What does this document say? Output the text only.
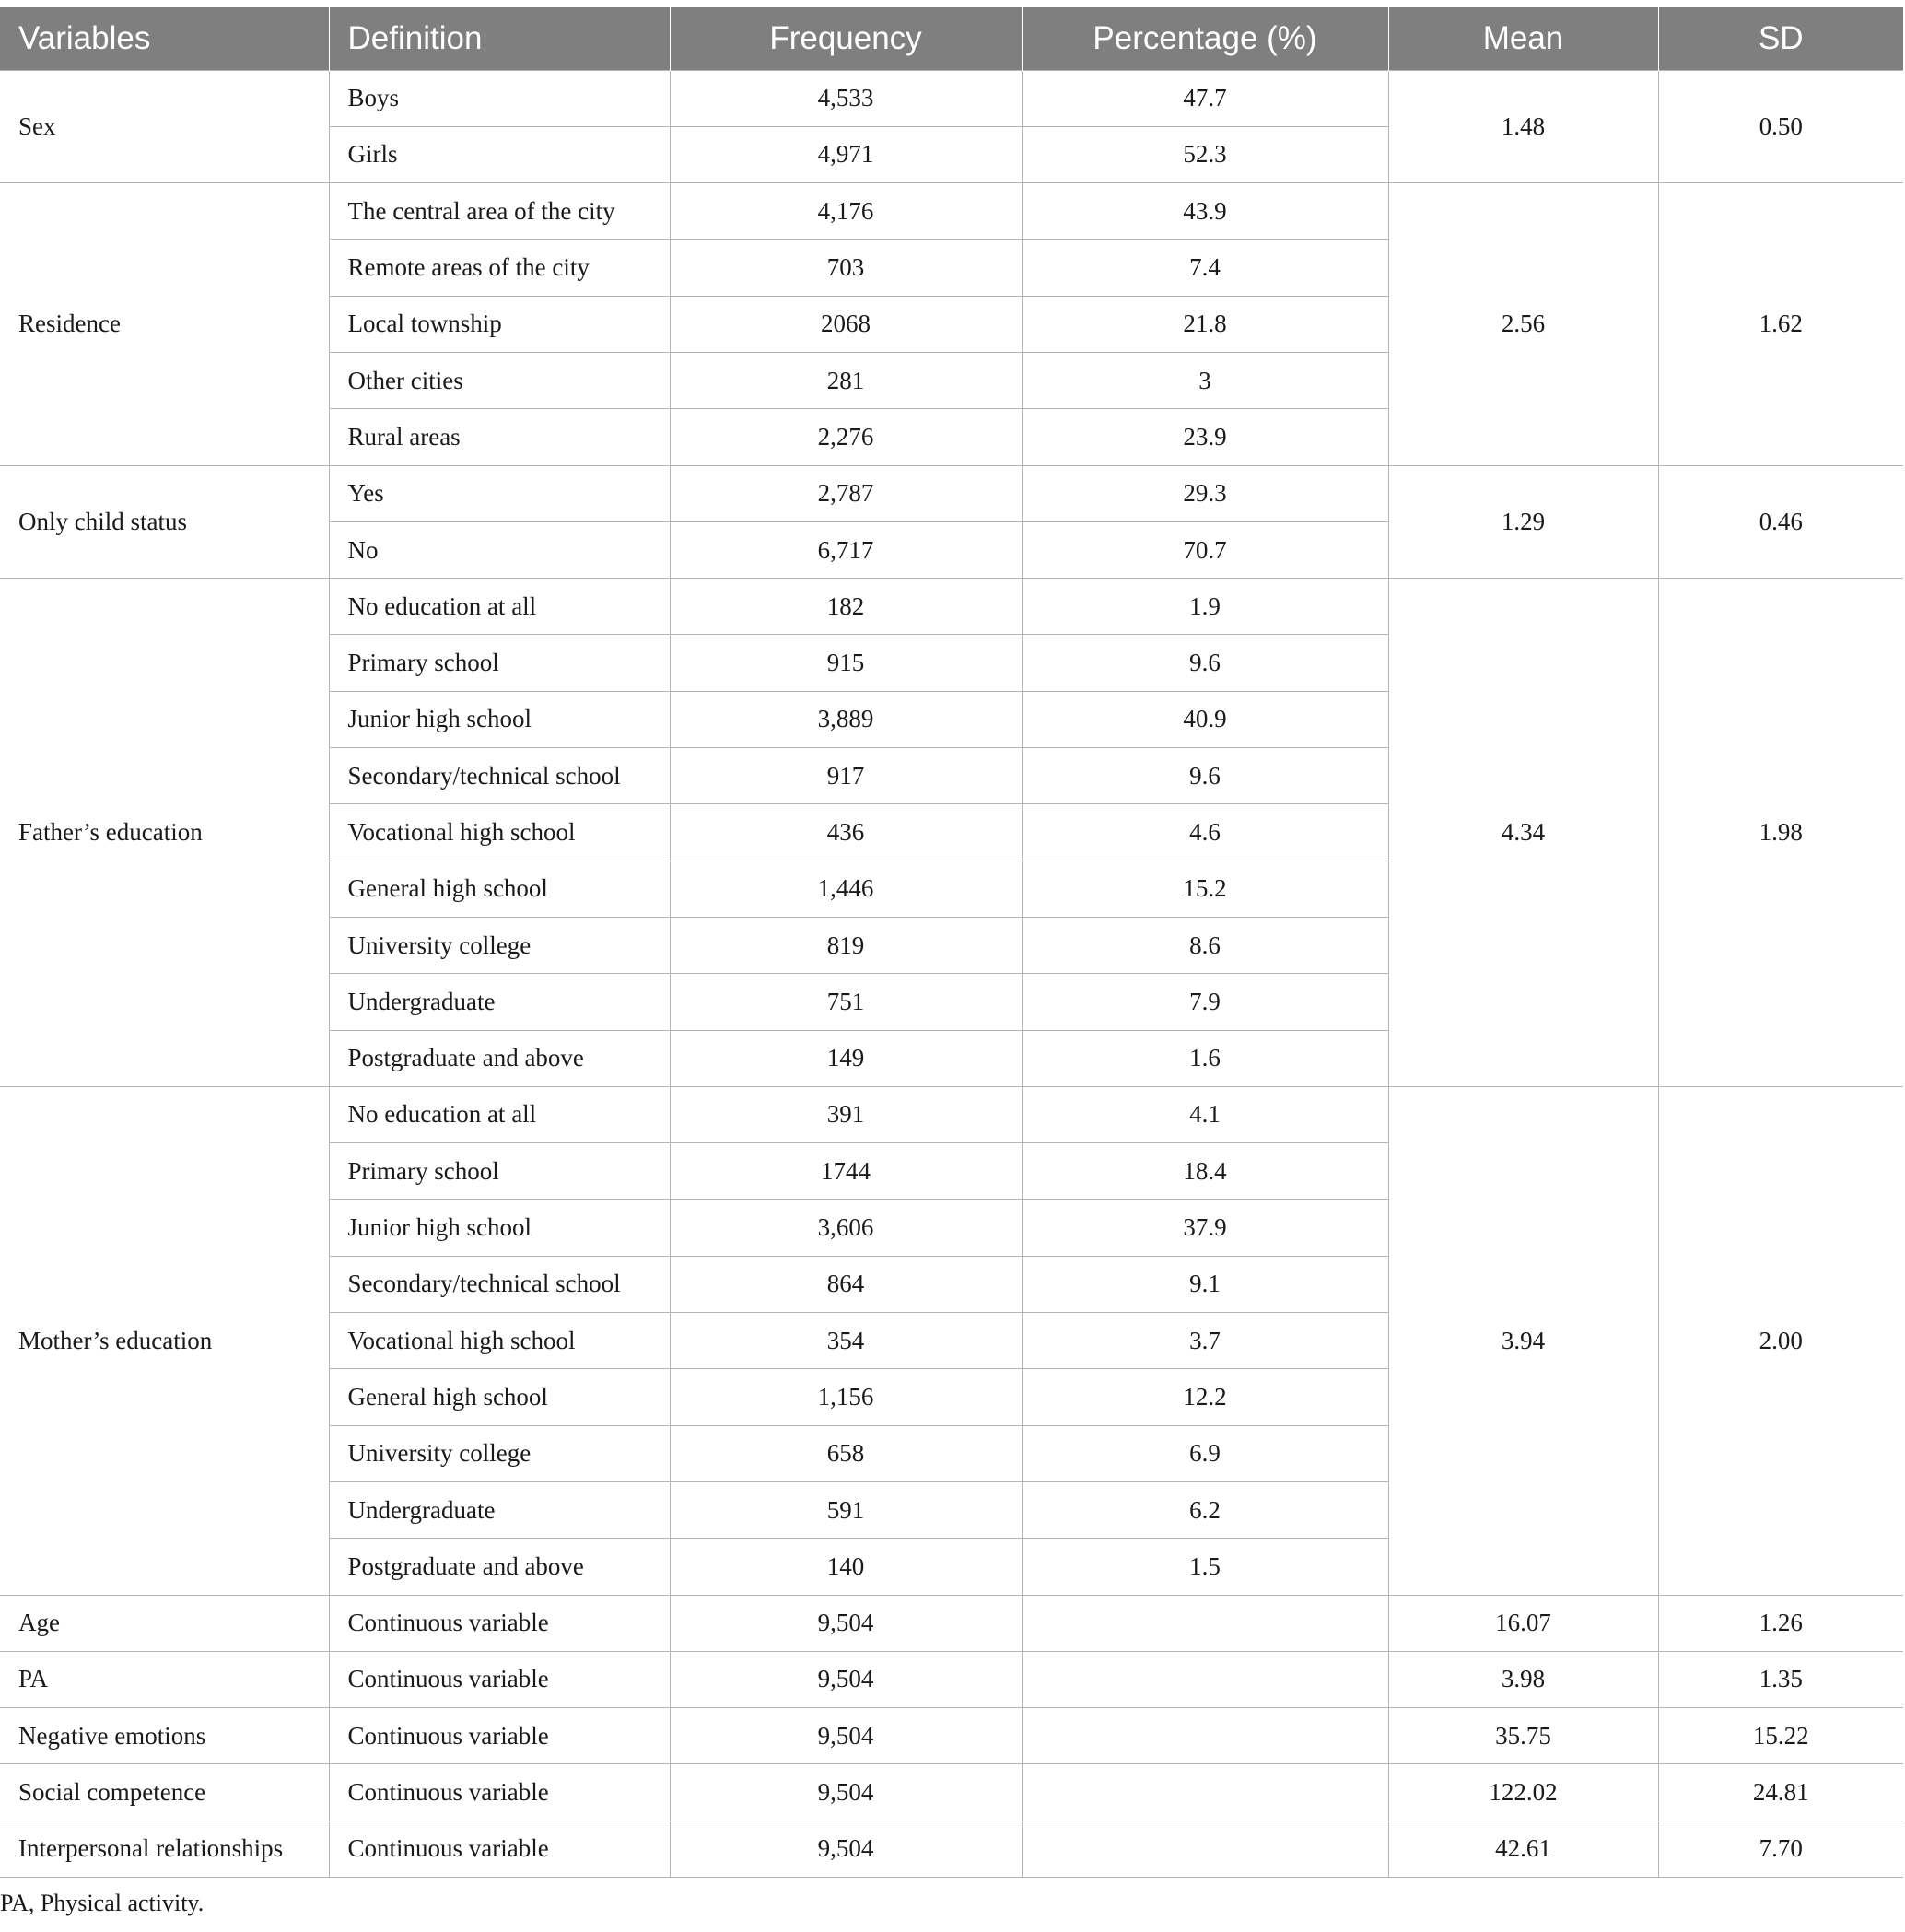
Variables	Definition	Frequency	Percentage (%)	Mean	SD
Sex	Boys	4,533	47.7	1.48	0.50
	Girls	4,971	52.3		
Residence	The central area of the city	4,176	43.9	2.56	1.62
	Remote areas of the city	703	7.4		
	Local township	2068	21.8		
	Other cities	281	3		
	Rural areas	2,276	23.9		
Only child status	Yes	2,787	29.3	1.29	0.46
	No	6,717	70.7		
Father’s education	No education at all	182	1.9	4.34	1.98
	Primary school	915	9.6		
	Junior high school	3,889	40.9		
	Secondary/technical school	917	9.6		
	Vocational high school	436	4.6		
	General high school	1,446	15.2		
	University college	819	8.6		
	Undergraduate	751	7.9		
	Postgraduate and above	149	1.6		
Mother’s education	No education at all	391	4.1	3.94	2.00
	Primary school	1744	18.4		
	Junior high school	3,606	37.9		
	Secondary/technical school	864	9.1		
	Vocational high school	354	3.7		
	General high school	1,156	12.2		
	University college	658	6.9		
	Undergraduate	591	6.2		
	Postgraduate and above	140	1.5		
Age	Continuous variable	9,504		16.07	1.26
PA	Continuous variable	9,504		3.98	1.35
Negative emotions	Continuous variable	9,504		35.75	15.22
Social competence	Continuous variable	9,504		122.02	24.81
Interpersonal relationships	Continuous variable	9,504		42.61	7.70

PA, Physical activity.
